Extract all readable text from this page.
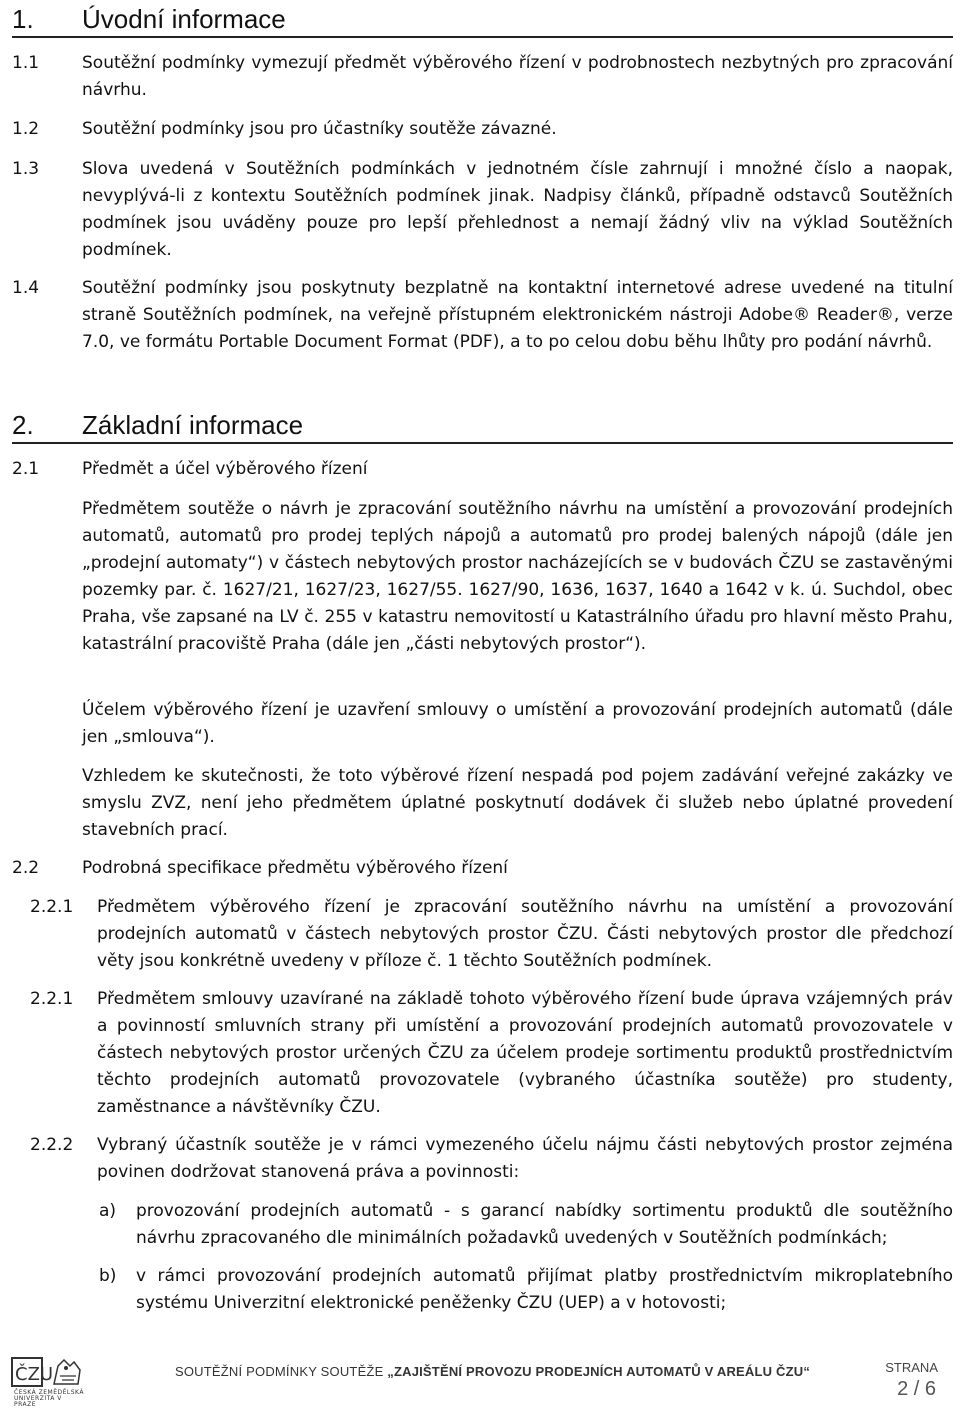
1. Úvodní informace
1.1	Soutěžní podmínky vymezují předmět výběrového řízení v podrobnostech nezbytných pro zpracování návrhu.
1.2	Soutěžní podmínky jsou pro účastníky soutěže závazné.
1.3	Slova uvedená v Soutěžních podmínkách v jednotném čísle zahrnují i množné číslo a naopak, nevyplývá-li z kontextu Soutěžních podmínek jinak. Nadpisy článků, případně odstavců Soutěžních podmínek jsou uváděny pouze pro lepší přehlednost a nemají žádný vliv na výklad Soutěžních podmínek.
1.4	Soutěžní podmínky jsou poskytnuty bezplatně na kontaktní internetové adrese uvedené na titulní straně Soutěžních podmínek, na veřejně přístupném elektronickém nástroji Adobe® Reader®, verze 7.0, ve formátu Portable Document Format (PDF), a to po celou dobu běhu lhůty pro podání návrhů.
2. Základní informace
2.1	Předmět a účel výběrového řízení
Předmětem soutěže o návrh je zpracování soutěžního návrhu na umístění a provozování prodejních automatů, automatů pro prodej teplých nápojů a automatů pro prodej balených nápojů (dále jen „prodejní automaty“) v částech nebytových prostor nacházejících se v budovách ČZU se zastavěnými pozemky par. č. 1627/21, 1627/23, 1627/55. 1627/90, 1636, 1637, 1640 a 1642 v k. ú. Suchdol, obec Praha, vše zapsané na LV č. 255 v katastru nemovitostí u Katastrálního úřadu pro hlavní město Prahu, katastrální pracoviště Praha (dále jen „části nebytových prostor“).
Účelem výběrového řízení je uzavření smlouvy o umístění a provozování prodejních automatů (dále jen „smlouva“).
Vzhledem ke skutečnosti, že toto výběrové řízení nespadá pod pojem zadávání veřejné zakázky ve smyslu ZVZ, není jeho předmětem úplatné poskytnutí dodávek či služeb nebo úplatné provedení stavebních prací.
2.2	Podrobná specifikace předmětu výběrového řízení
2.2.1 Předmětem výběrového řízení je zpracování soutěžního návrhu na umístění a provozování prodejních automatů v částech nebytových prostor ČZU. Části nebytových prostor dle předchozí věty jsou konkrétně uvedeny v příloze č. 1 těchto Soutěžních podmínek.
2.2.1 Předmětem smlouvy uzavírané na základě tohoto výběrového řízení bude úprava vzájemných práv a povinností smluvních strany při umístění a provozování prodejních automatů provozovatele v částech nebytových prostor určených ČZU za účelem prodeje sortimentu produktů prostřednictvím těchto prodejních automatů provozovatele (vybraného účastníka soutěže) pro studenty, zaměstnance a návštěvníky ČZU.
2.2.2 Vybraný účastník soutěže je v rámci vymezeného účelu nájmu části nebytových prostor zejména povinen dodržovat stanovená práva a povinnosti:
a) provozování prodejních automatů - s garancí nabídky sortimentu produktů dle soutěžního návrhu zpracovaného dle minimálních požadavků uvedených v Soutěžních podmínkách;
b) v rámci provozování prodejních automatů přijímat platby prostřednictvím mikroplatebního systému Univerzitní elektronické peněženky ČZU (UEP) a v hotovosti;
ČZU
ČESKÁ ZEMĚDĚLSKÁ UNIVERZITA V PRAZE
SOUTĚŽNÍ PODMÍNKY SOUTĚŽE „ZAJIŠTĚNÍ PROVOZU PRODEJNÍCH AUTOMATŮ V AREÁLU ČZU“	STRANA
2 / 6
